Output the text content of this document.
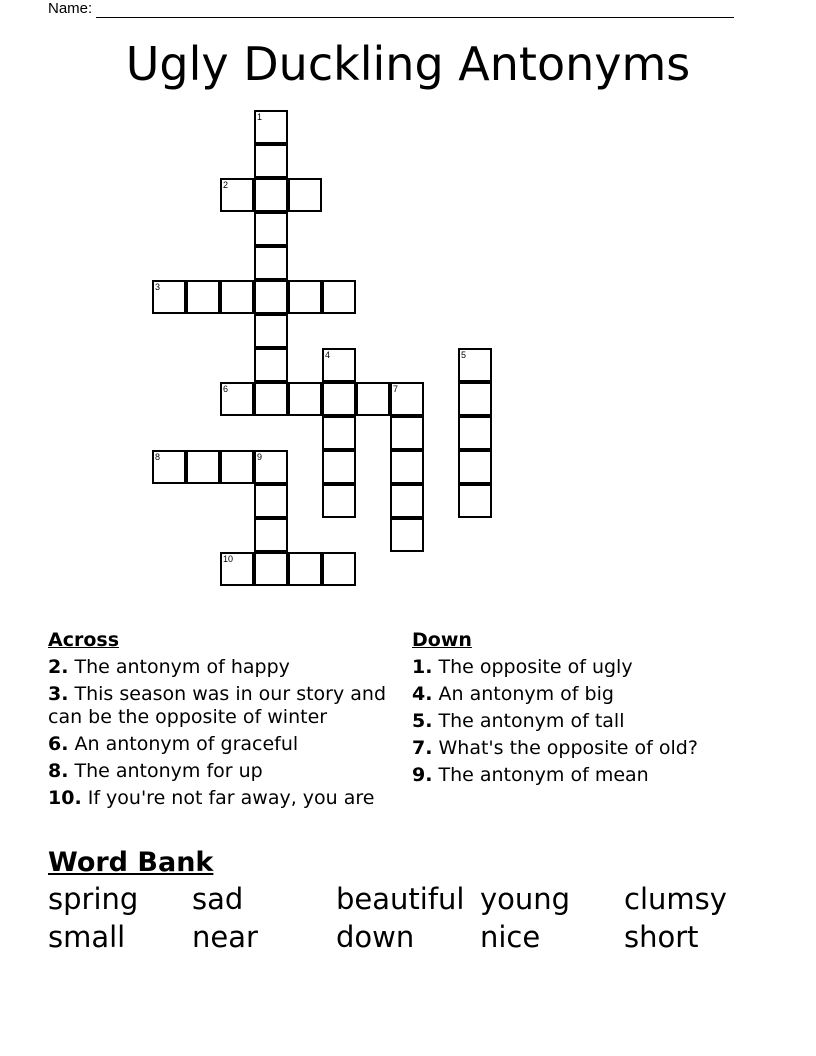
Name:
Ugly Duckling Antonyms
1
2
3
4	5
6	7
8	9
10
Across
2. The antonym of happy
3. This season was in our story and can be the opposite of winter
6. An antonym of graceful
8. The antonym for up
10. If you're not far away, you are
Down
1. The opposite of ugly
4. An antonym of big
5. The antonym of tall
7. What's the opposite of old?
9. The antonym of mean
Word Bank
spring	sad	beautiful young	clumsy
small	near	down	nice	short
